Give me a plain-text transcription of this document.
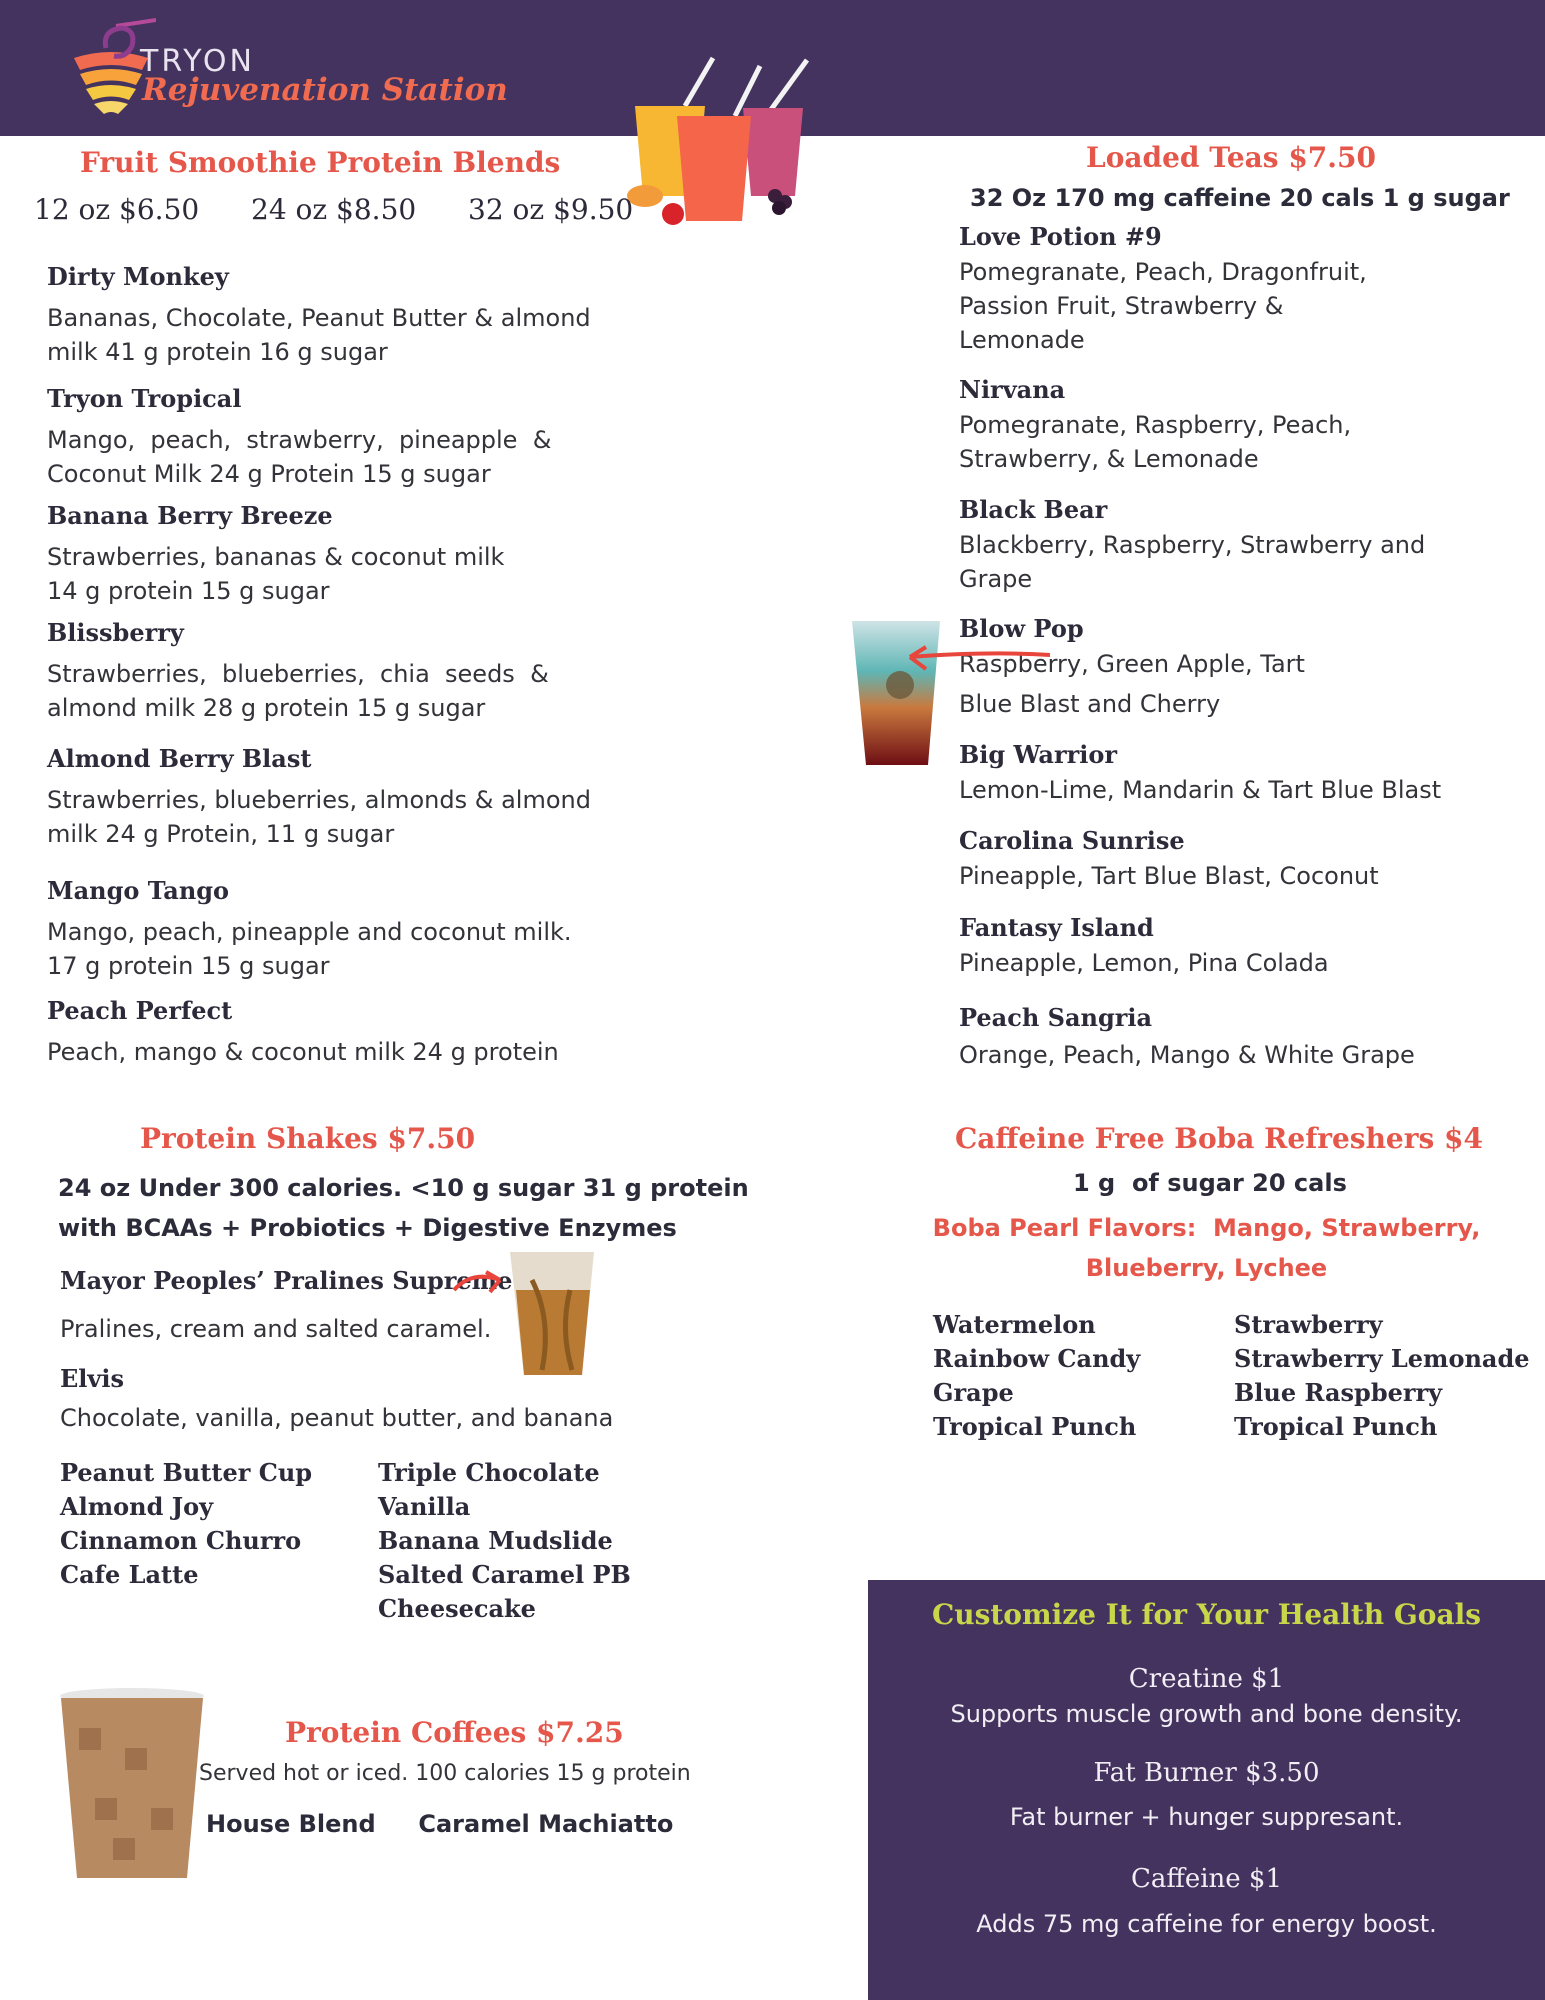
TRYON
Rejuvenation Station
Fruit Smoothie Protein Blends
12 oz $6.50 24 oz $8.50 32 oz $9.50
Dirty Monkey
Bananas, Chocolate, Peanut Butter & almond
milk 41 g protein 16 g sugar
Tryon Tropical
Mango,  peach,  strawberry,  pineapple  &
Coconut Milk 24 g Protein 15 g sugar
Banana Berry Breeze
Strawberries, bananas & coconut milk
14 g protein 15 g sugar
Blissberry
Strawberries,  blueberries,  chia  seeds  &
almond milk 28 g protein 15 g sugar
Almond Berry Blast
Strawberries, blueberries, almonds & almond
milk 24 g Protein, 11 g sugar
Mango Tango
Mango, peach, pineapple and coconut milk.
17 g protein 15 g sugar
Peach Perfect
Peach, mango & coconut milk 24 g protein
Loaded Teas $7.50
32 Oz 170 mg caffeine 20 cals 1 g sugar
Love Potion #9
Pomegranate, Peach, Dragonfruit,
Passion Fruit, Strawberry &
Lemonade
Nirvana
Pomegranate, Raspberry, Peach,
Strawberry, & Lemonade
Black Bear
Blackberry, Raspberry, Strawberry and
Grape
Blow Pop
Raspberry, Green Apple, Tart
Blue Blast and Cherry
Big Warrior
Lemon-Lime, Mandarin & Tart Blue Blast
Carolina Sunrise
Pineapple, Tart Blue Blast, Coconut
Fantasy Island
Pineapple, Lemon, Pina Colada
Peach Sangria
Orange, Peach, Mango & White Grape
Protein Shakes $7.50
24 oz Under 300 calories. <10 g sugar 31 g protein
with BCAAs + Probiotics + Digestive Enzymes
Mayor Peoples’ Pralines Supreme
Pralines, cream and salted caramel.
Elvis
Chocolate, vanilla, peanut butter, and banana
Peanut Butter Cup
Almond Joy
Cinnamon Churro
Cafe Latte
Triple Chocolate
Vanilla
Banana Mudslide
Salted Caramel PB
Cheesecake
Caffeine Free Boba Refreshers $4
1 g  of sugar 20 cals
Boba Pearl Flavors:  Mango, Strawberry,
Blueberry, Lychee
Watermelon
Rainbow Candy
Grape
Tropical Punch
Strawberry
Strawberry Lemonade
Blue Raspberry
Tropical Punch
Protein Coffees $7.25
Served hot or iced. 100 calories 15 g protein
House Blend Caramel Machiatto
Customize It for Your Health Goals
Creatine $1
Supports muscle growth and bone density.
Fat Burner $3.50
Fat burner + hunger suppresant.
Caffeine $1
Adds 75 mg caffeine for energy boost.
